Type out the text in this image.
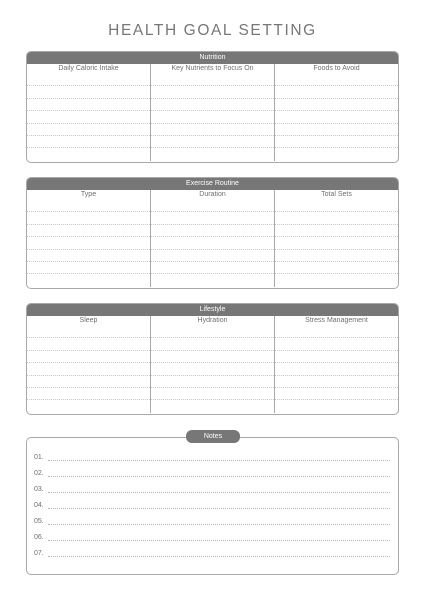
HEALTH GOAL SETTING
Nutrition
Daily Caloric Intake	Key Nutrients to Focus On	Foods to Avoid
Exercise Routine
Type	Duration	Total Sets
Lifestyle
Sleep	Hydration	Stress Management
Notes
01.
02.
03.
04.
05.
06.
07.
